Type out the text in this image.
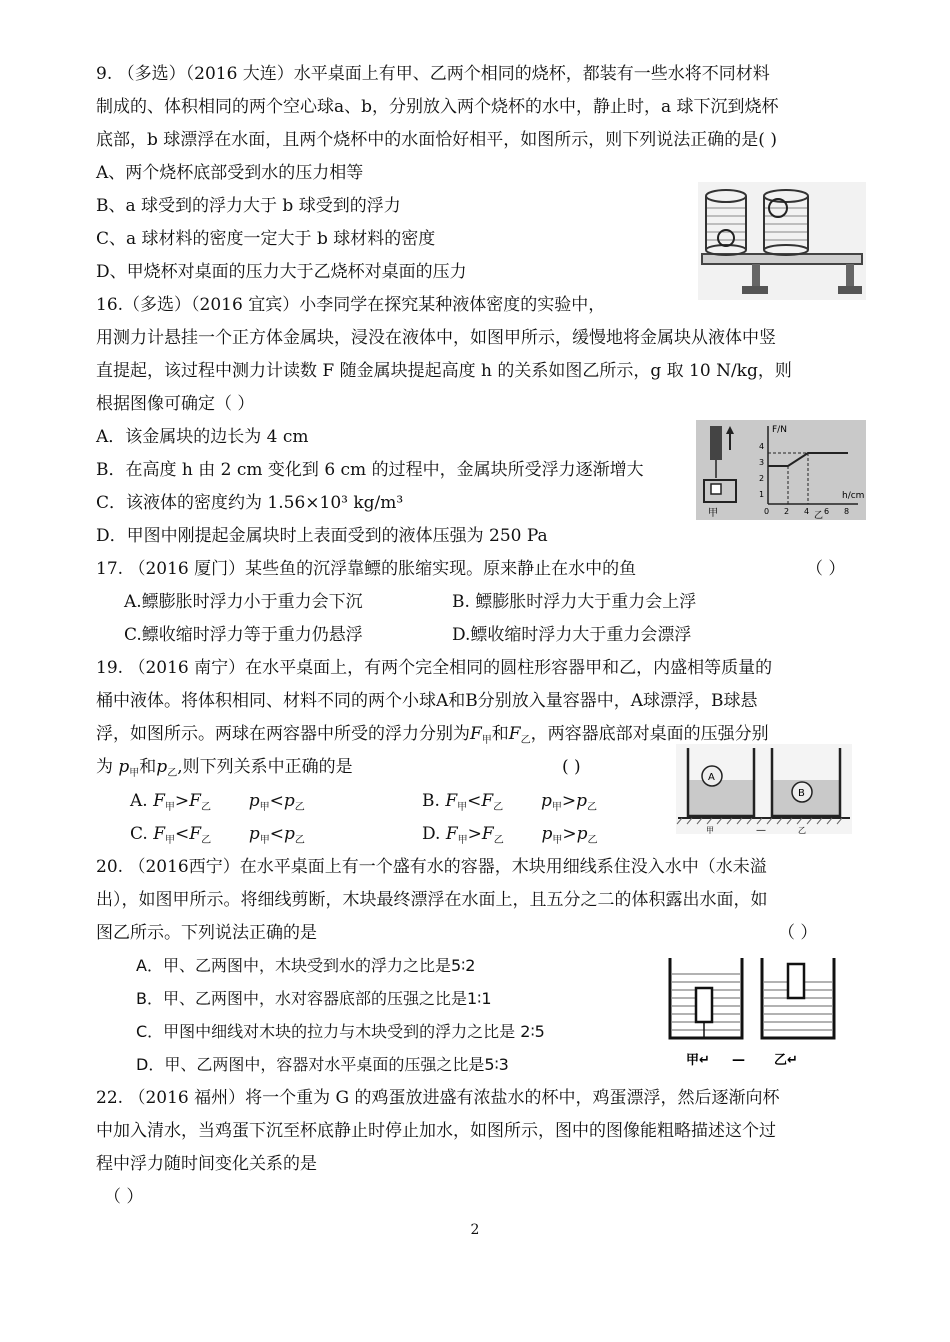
9. （多选）（2016 大连）水平桌面上有甲、乙两个相同的烧杯，都装有一些水将不同材料
制成的、体积相同的两个空心球a、b，分别放入两个烧杯的水中，静止时，a 球下沉到烧杯
底部，b 球漂浮在水面，且两个烧杯中的水面恰好相平，如图所示，则下列说法正确的是( )
A、两个烧杯底部受到水的压力相等
B、a 球受到的浮力大于 b 球受到的浮力
C、a 球材料的密度一定大于 b 球材料的密度
D、甲烧杯对桌面的压力大于乙烧杯对桌面的压力
16.（多选）（2016 宜宾）小李同学在探究某种液体密度的实验中，
用测力计悬挂一个正方体金属块，浸没在液体中，如图甲所示，缓慢地将金属块从液体中竖
直提起，该过程中测力计读数 F 随金属块提起高度 h 的关系如图乙所示，g 取 10 N/kg，则
根据图像可确定（ ）
A．该金属块的边长为 4 cm
B．在高度 h 由 2 cm 变化到 6 cm 的过程中，金属块所受浮力逐渐增大
C．该液体的密度约为 1.56×10³ kg/m³
D．甲图中刚提起金属块时上表面受到的液体压强为 250 Pa
甲
F/N
h/cm
4
3
2
1
0 2 4 6 8
乙
17. （2016 厦门）某些鱼的沉浮靠鳔的胀缩实现。原来静止在水中的鱼	（ ）
A.鳔膨胀时浮力小于重力会下沉	B. 鳔膨胀时浮力大于重力会上浮
C.鳔收缩时浮力等于重力仍悬浮	D.鳔收缩时浮力大于重力会漂浮
19. （2016 南宁）在水平桌面上，有两个完全相同的圆柱形容器甲和乙，内盛相等质量的
桶中液体。将体积相同、材料不同的两个小球A和B分别放入量容器中，A球漂浮，B球悬
浮，如图所示。两球在两容器中所受的浮力分别为$F_甲$和$F_乙$，两容器底部对桌面的压强分别
为 $p_甲$和$p_乙$,则下列关系中正确的是	( )
A. $F_甲>F_乙$ $p_甲<p_乙$	B. $F_甲<F_乙$ $p_甲>p_乙$
C. $F_甲<F_乙$ $p_甲<p_乙$	D. $F_甲>F_乙$ $p_甲>p_乙$
A
B
甲	—	乙
20. （2016西宁）在水平桌面上有一个盛有水的容器，木块用细线系住没入水中（水未溢
出），如图甲所示。将细线剪断，木块最终漂浮在水面上，且五分之二的体积露出水面，如
图乙所示。下列说法正确的是	（ ）
A．甲、乙两图中，木块受到水的浮力之比是5∶2
B．甲、乙两图中，水对容器底部的压强之比是1∶1
C．甲图中细线对木块的拉力与木块受到的浮力之比是 2∶5
D．甲、乙两图中，容器对水平桌面的压强之比是5∶3	甲↵ — 乙↵
22. （2016 福州）将一个重为 G 的鸡蛋放进盛有浓盐水的杯中，鸡蛋漂浮，然后逐渐向杯
中加入清水，当鸡蛋下沉至杯底静止时停止加水，如图所示，图中的图像能粗略描述这个过
程中浮力随时间变化关系的是
（ ）
2
